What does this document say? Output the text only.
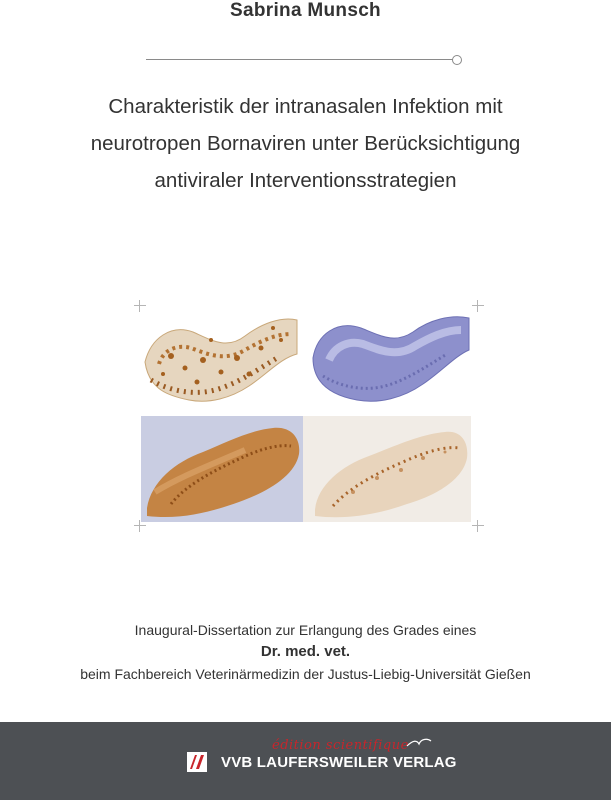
Sabrina Munsch
Charakteristik der intranasalen Infektion mit
neurotropen Bornaviren unter Berücksichtigung
antiviraler Interventionsstrategien
Inaugural-Dissertation zur Erlangung des Grades eines
Dr. med. vet.
beim Fachbereich Veterinärmedizin der Justus-Liebig-Universität Gießen
édition scientifique
VVB LAUFERSWEILER VERLAG
